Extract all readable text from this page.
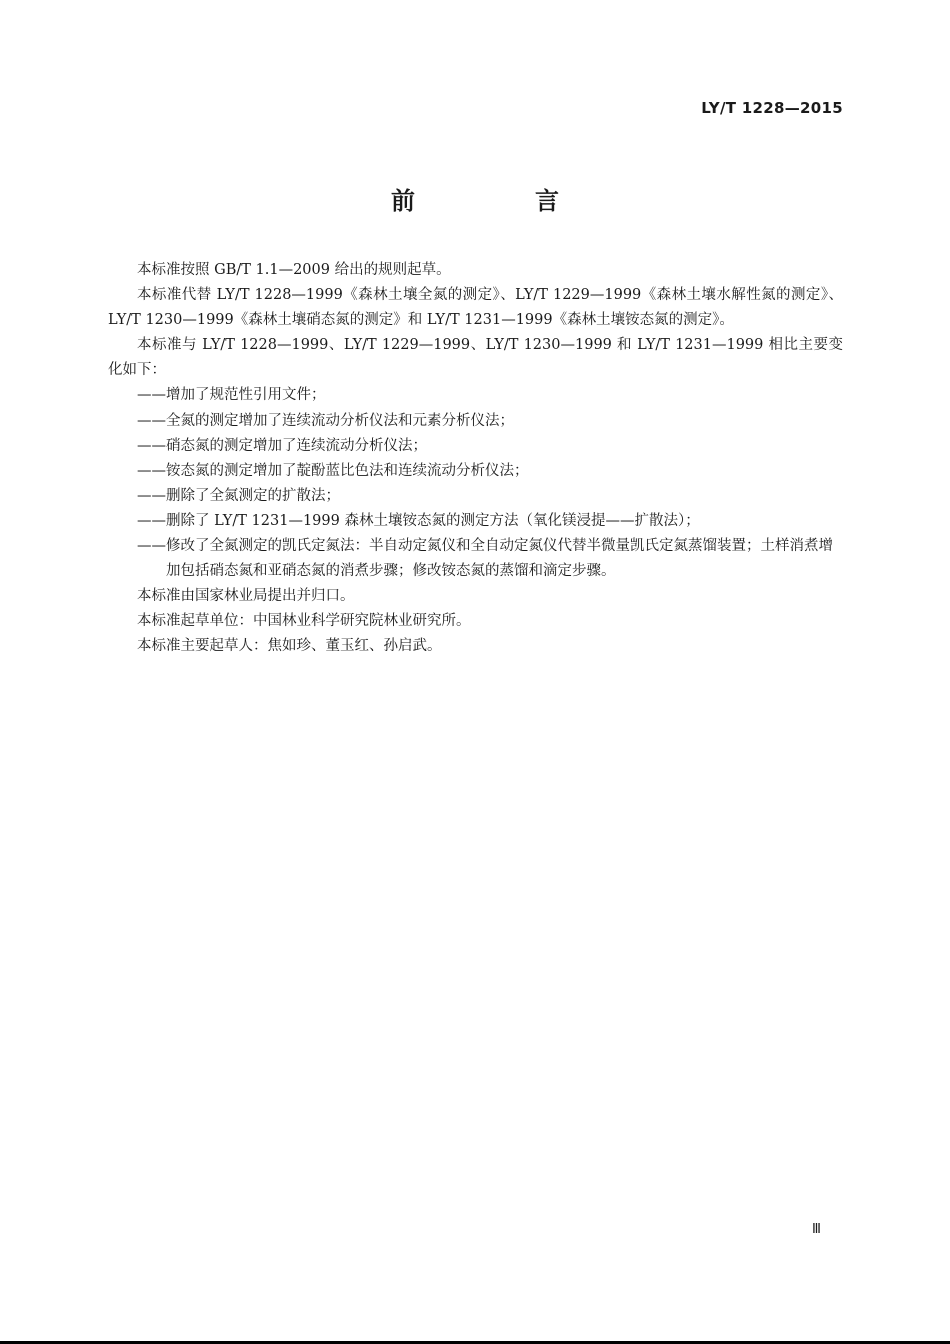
LY/T 1228—2015
前　言

本标准按照 GB/T 1.1—2009 给出的规则起草。

本标准代替 LY/T 1228—1999《森林土壤全氮的测定》、LY/T 1229—1999《森林土壤水解性氮的测定》、LY/T 1230—1999《森林土壤硝态氮的测定》和 LY/T 1231—1999《森林土壤铵态氮的测定》。

本标准与 LY/T 1228—1999、LY/T 1229—1999、LY/T 1230—1999 和 LY/T 1231—1999 相比主要变化如下：

——增加了规范性引用文件；

——全氮的测定增加了连续流动分析仪法和元素分析仪法；

——硝态氮的测定增加了连续流动分析仪法；

——铵态氮的测定增加了靛酚蓝比色法和连续流动分析仪法；

——删除了全氮测定的扩散法；

——删除了 LY/T 1231—1999 森林土壤铵态氮的测定方法（氧化镁浸提——扩散法）；

——修改了全氮测定的凯氏定氮法：半自动定氮仪和全自动定氮仪代替半微量凯氏定氮蒸馏装置；土样消煮增加包括硝态氮和亚硝态氮的消煮步骤；修改铵态氮的蒸馏和滴定步骤。

本标准由国家林业局提出并归口。

本标准起草单位：中国林业科学研究院林业研究所。

本标准主要起草人：焦如珍、董玉红、孙启武。

Ⅲ
